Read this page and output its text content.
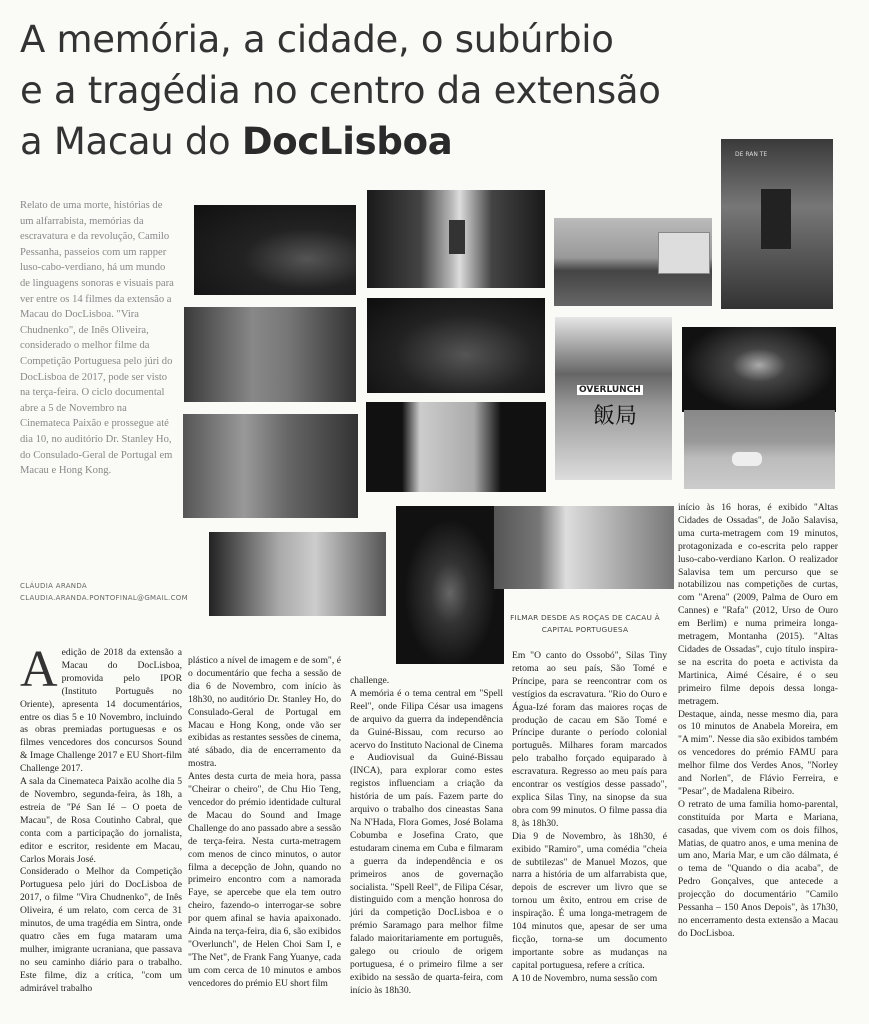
A memória, a cidade, o subúrbio
e a tragédia no centro da extensão
a Macau do DocLisboa
Relato de uma morte, histórias de um alfarrabista, memórias da escravatura e da revolução, Camilo Pessanha, passeios com um rapper luso-cabo-verdiano, há um mundo de linguagens sonoras e visuais para ver entre os 14 filmes da extensão a Macau do DocLisboa. "Vira Chudnenko", de Inês Oliveira, considerado o melhor filme da Competição Portuguesa pelo júri do DocLisboa de 2017, pode ser visto na terça-feira. O ciclo documental abre a 5 de Novembro na Cinemateca Paixão e prossegue até dia 10, no auditório Dr. Stanley Ho, do Consulado-Geral de Portugal em Macau e Hong Kong.
CLÁUDIA ARANDA
CLAUDIA.ARANDA.PONTOFINAL@GMAIL.COM
DE RAN TE
OVERLUNCH
飯局
FILMAR DESDE AS ROÇAS DE CACAU À CAPITAL PORTUGUESA
Aedição de 2018 da extensão a Macau do DocLisboa, promovida pelo IPOR (Instituto Português no Oriente), apresenta 14 documentários, entre os dias 5 e 10 Novembro, incluindo as obras premiadas portuguesas e os filmes vencedores dos concursos Sound & Image Challenge 2017 e EU Short-film Challenge 2017.
A sala da Cinemateca Paixão acolhe dia 5 de Novembro, segunda-feira, às 18h, a estreia de "Pé San Ié – O poeta de Macau", de Rosa Coutinho Cabral, que conta com a participação do jornalista, editor e escritor, residente em Macau, Carlos Morais José.
Considerado o Melhor da Competição Portuguesa pelo júri do DocLisboa de 2017, o filme "Vira Chudnenko", de Inês Oliveira, é um relato, com cerca de 31 minutos, de uma tragédia em Sintra, onde quatro cães em fuga mataram uma mulher, imigrante ucraniana, que passava no seu caminho diário para o trabalho. Este filme, diz a crítica, "com um admirável trabalho
plástico a nível de imagem e de som", é o documentário que fecha a sessão de dia 6 de Novembro, com início às 18h30, no auditório Dr. Stanley Ho, do Consulado-Geral de Portugal em Macau e Hong Kong, onde vão ser exibidas as restantes sessões de cinema, até sábado, dia de encerramento da mostra.
Antes desta curta de meia hora, passa "Cheirar o cheiro", de Chu Hio Teng, vencedor do prémio identidade cultural de Macau do Sound and Image Challenge do ano passado abre a sessão de terça-feira. Nesta curta-metragem com menos de cinco minutos, o autor filma a decepção de John, quando no primeiro encontro com a namorada Faye, se apercebe que ela tem outro cheiro, fazendo-o interrogar-se sobre por quem afinal se havia apaixonado. Ainda na terça-feira, dia 6, são exibidos "Overlunch", de Helen Choi Sam I, e "The Net", de Frank Fang Yuanye, cada um com cerca de 10 minutos e ambos vencedores do prémio EU short film
challenge.
A memória é o tema central em "Spell Reel", onde Filipa César usa imagens de arquivo da guerra da independência da Guiné-Bissau, com recurso ao acervo do Instituto Nacional de Cinema e Audiovisual da Guiné-Bissau (INCA), para explorar como estes registos influenciam a criação da história de um país. Fazem parte do arquivo o trabalho dos cineastas Sana Na N'Hada, Flora Gomes, José Bolama Cobumba e Josefina Crato, que estudaram cinema em Cuba e filmaram a guerra da independência e os primeiros anos de governação socialista. "Spell Reel", de Filipa César, distinguido com a menção honrosa do júri da competição DocLisboa e o prémio Saramago para melhor filme falado maioritariamente em português, galego ou crioulo de origem portuguesa, é o primeiro filme a ser exibido na sessão de quarta-feira, com início às 18h30.
Em "O canto do Ossobó", Silas Tiny retoma ao seu país, São Tomé e Príncipe, para se reencontrar com os vestígios da escravatura. "Rio do Ouro e Água-Izé foram das maiores roças de produção de cacau em São Tomé e Príncipe durante o período colonial português. Milhares foram marcados pelo trabalho forçado equiparado à escravatura. Regresso ao meu país para encontrar os vestígios desse passado", explica Silas Tiny, na sinopse da sua obra com 99 minutos. O filme passa dia 8, às 18h30.
Dia 9 de Novembro, às 18h30, é exibido "Ramiro", uma comédia "cheia de subtilezas" de Manuel Mozos, que narra a história de um alfarrabista que, depois de escrever um livro que se tornou um êxito, entrou em crise de inspiração. É uma longa-metragem de 104 minutos que, apesar de ser uma ficção, torna-se um documento importante sobre as mudanças na capital portuguesa, refere a crítica.
A 10 de Novembro, numa sessão com
início às 16 horas, é exibido "Altas Cidades de Ossadas", de João Salavisa, uma curta-metragem com 19 minutos, protagonizada e co-escrita pelo rapper luso-cabo-verdiano Karlon. O realizador Salavisa tem um percurso que se notabilizou nas competições de curtas, com "Arena" (2009, Palma de Ouro em Cannes) e "Rafa" (2012, Urso de Ouro em Berlim) e numa primeira longa-metragem, Montanha (2015). "Altas Cidades de Ossadas", cujo título inspira-se na escrita do poeta e activista da Martinica, Aimé Césaire, é o seu primeiro filme depois dessa longa-metragem.
Destaque, ainda, nesse mesmo dia, para os 10 minutos de Anabela Moreira, em "A mim". Nesse dia são exibidos também os vencedores do prémio FAMU para melhor filme dos Verdes Anos, "Norley and Norlen", de Flávio Ferreira, e "Pesar", de Madalena Ribeiro.
O retrato de uma família homo-parental, constituída por Marta e Mariana, casadas, que vivem com os dois filhos, Matias, de quatro anos, e uma menina de um ano, Maria Mar, e um cão dálmata, é o tema de "Quando o dia acaba", de Pedro Gonçalves, que antecede a projecção do documentário "Camilo Pessanha – 150 Anos Depois", às 17h30, no encerramento desta extensão a Macau do DocLisboa.
